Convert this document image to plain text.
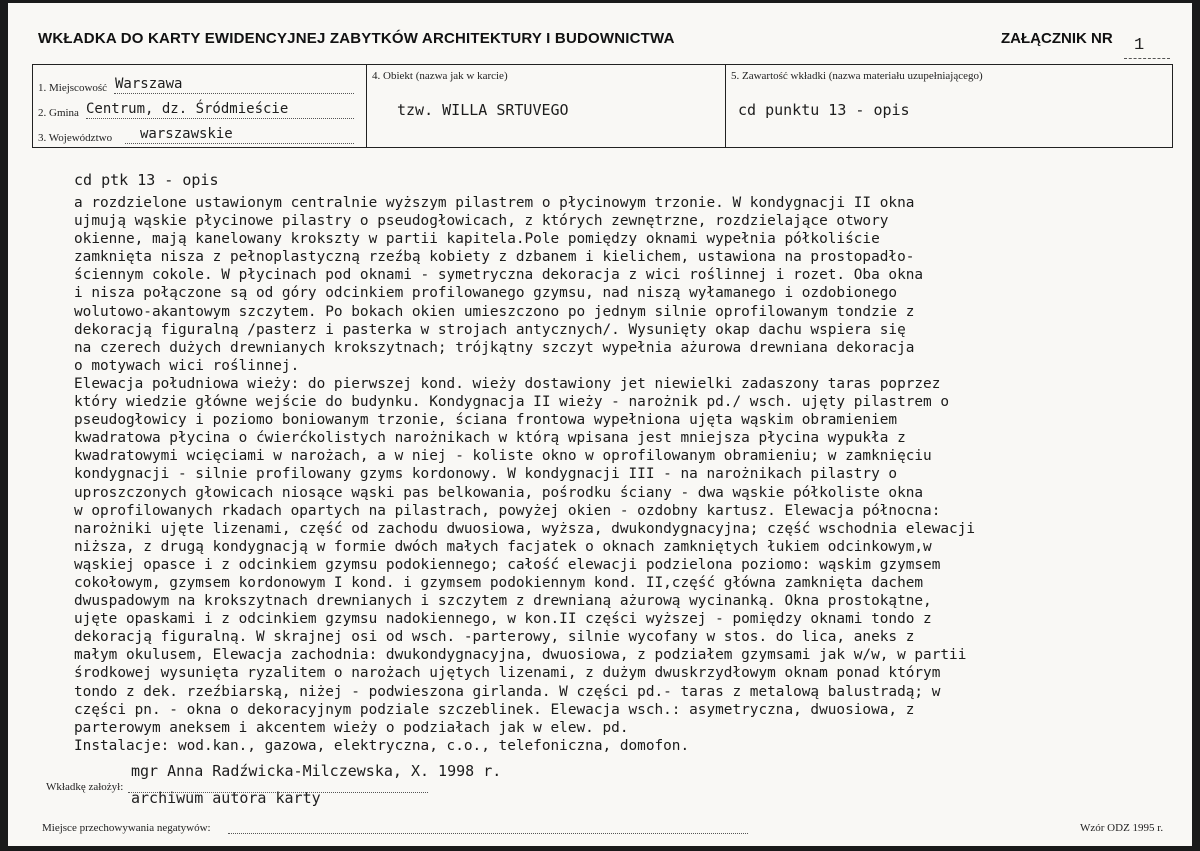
WKŁADKA DO KARTY EWIDENCYJNEJ ZABYTKÓW ARCHITEKTURY I BUDOWNICTWA	ZAŁĄCZNIK NR 1
1. Miejscowość Warszawa
2. Gmina Centrum, dz. Śródmieście
3. Województwo warszawskie
4. Obiekt (nazwa jak w karcie)
tzw. WILLA SRTUVEGO
5. Zawartość wkładki (nazwa materiału uzupełniającego)
cd punktu 13 - opis
cd ptk 13 - opis
a rozdzielone ustawionym centralnie wyższym pilastrem o płycinowym trzonie. W kondygnacji II okna
ujmują wąskie płycinowe pilastry o pseudogłowicach, z których zewnętrzne, rozdzielające otwory
okienne, mają kanelowany krokszty w partii kapitela.Pole pomiędzy oknami wypełnia półkoliście
zamknięta nisza z pełnoplastyczną rzeźbą kobiety z dzbanem i kielichem, ustawiona na prostopadło-
ściennym cokole. W płycinach pod oknami - symetryczna dekoracja z wici roślinnej i rozet. Oba okna
i nisza połączone są od góry odcinkiem profilowanego gzymsu, nad niszą wyłamanego i ozdobionego
wolutowo-akantowym szczytem. Po bokach okien umieszczono po jednym silnie oprofilowanym tondzie z
dekoracją figuralną /pasterz i pasterka w strojach antycznych/. Wysunięty okap dachu wspiera się
na czerech dużych drewnianych krokszytnach; trójkątny szczyt wypełnia ażurowa drewniana dekoracja
o motywach wici roślinnej.
Elewacja południowa wieży: do pierwszej kond. wieży dostawiony jet niewielki zadaszony taras poprzez
który wiedzie główne wejście do budynku. Kondygnacja II wieży - narożnik pd./ wsch. ujęty pilastrem o
pseudogłowicy i poziomo boniowanym trzonie, ściana frontowa wypełniona ujęta wąskim obramieniem
kwadratowa płycina o ćwierćkolistych narożnikach w którą wpisana jest mniejsza płycina wypukła z
kwadratowymi wcięciami w narożach, a w niej - koliste okno w oprofilowanym obramieniu; w zamknięciu
kondygnacji - silnie profilowany gzyms kordonowy. W kondygnacji III - na narożnikach pilastry o
uproszczonych głowicach niosące wąski pas belkowania, pośrodku ściany - dwa wąskie półkoliste okna
w oprofilowanych rkadach opartych na pilastrach, powyżej okien - ozdobny kartusz. Elewacja północna:
narożniki ujęte lizenami, część od zachodu dwuosiowa, wyższa, dwukondygnacyjna; część wschodnia elewacji
niższa, z drugą kondygnacją w formie dwóch małych facjatek o oknach zamkniętych łukiem odcinkowym,w
wąskiej opasce i z odcinkiem gzymsu podokiennego; całość elewacji podzielona poziomo: wąskim gzymsem
cokołowym, gzymsem kordonowym I kond. i gzymsem podokiennym kond. II,część główna zamknięta dachem
dwuspadowym na krokszytnach drewnianych i szczytem z drewnianą ażurową wycinanką. Okna prostokątne,
ujęte opaskami i z odcinkiem gzymsu nadokiennego, w kon.II części wyższej - pomiędzy oknami tondo z
dekoracją figuralną. W skrajnej osi od wsch. -parterowy, silnie wycofany w stos. do lica, aneks z
małym okulusem, Elewacja zachodnia: dwukondygnacyjna, dwuosiowa, z podziałem gzymsami jak w/w, w partii
środkowej wysunięta ryzalitem o narożach ujętych lizenami, z dużym dwuskrzydłowym oknam ponad którym
tondo z dek. rzeźbiarską, niżej - podwieszona girlanda. W części pd.- taras z metalową balustradą; w
części pn. - okna o dekoracyjnym podziale szczeblinek. Elewacja wsch.: asymetryczna, dwuosiowa, z
parterowym aneksem i akcentem wieży o podziałach jak w elew. pd.
Instalacje: wod.kan., gazowa, elektryczna, c.o., telefoniczna, domofon.
Wkładkę założył:
mgr Anna Radźwicka-Milczewska, X. 1998 r.
archiwum autora karty
Miejsce przechowywania negatywów:	Wzór ODZ 1995 r.
